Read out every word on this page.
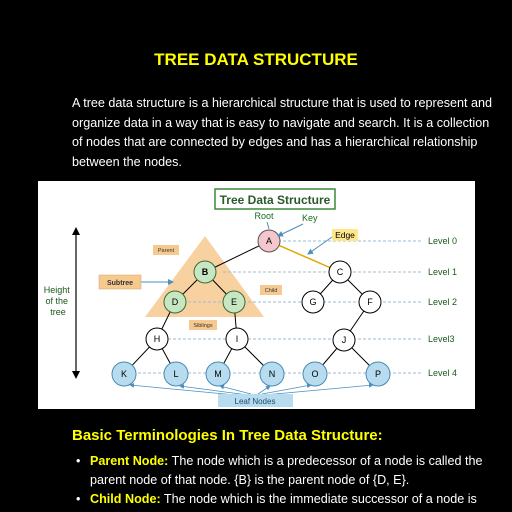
TREE DATA STRUCTURE
A tree data structure is a hierarchical structure that is used to represent and organize data in a way that is easy to navigate and search. It is a collection of nodes that are connected by edges and has a hierarchical relationship between the nodes.
Tree Data Structure
Level 0
Level 1
Level 2
Level3
Level 4
A
B	C
D	E	F
G
H	I	J
K	L	M	N	O	P
Root	Key
Edge
Parent
Subtree
Child
Siblings
Height of the tree
Leaf Nodes
Basic Terminologies In Tree Data Structure:
• Parent Node: The node which is a predecessor of a node is called the parent node of that node. {B} is the parent node of {D, E}.
• Child Node: The node which is the immediate successor of a node is
